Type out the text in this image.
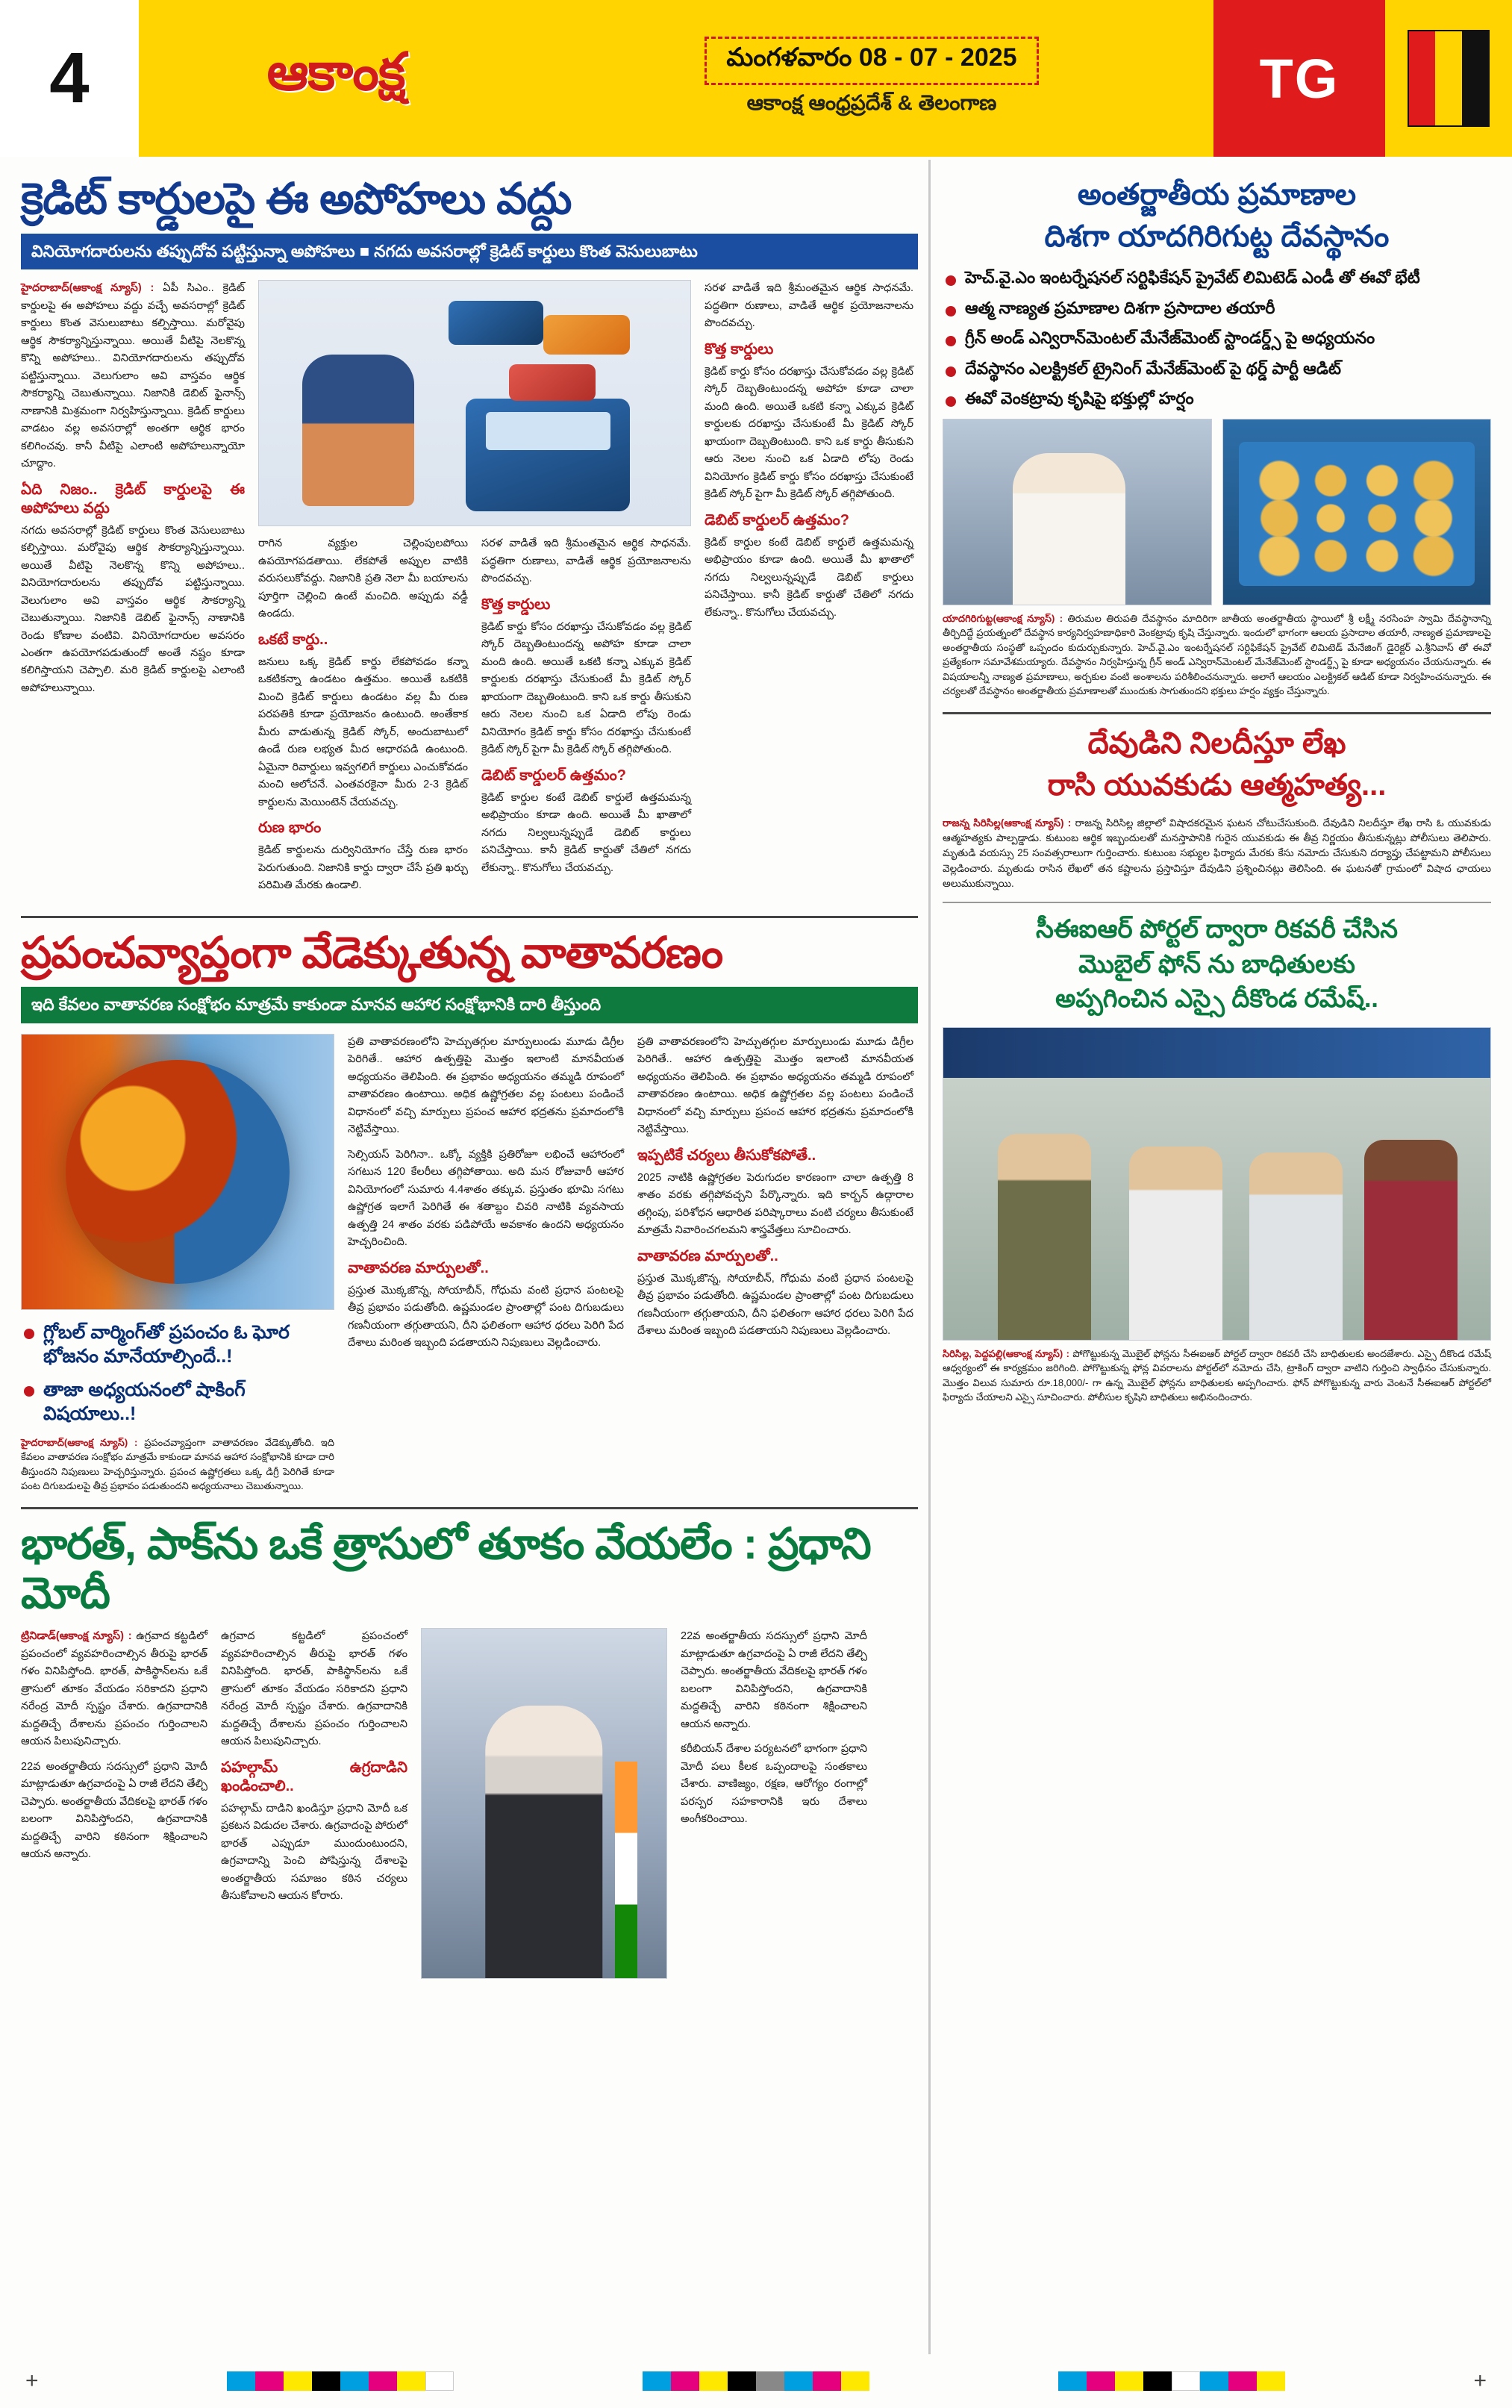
4	ఆకాంక్ష	మంగళవారం 08 - 07 - 2025
ఆకాంక్ష ఆంధ్రప్రదేశ్ & తెలంగాణ	TG
క్రెడిట్ కార్డులపై ఈ అపోహలు వద్దు
వినియోగదారులను తప్పుదోవ పట్టిస్తున్నా అపోహలు ■ నగదు అవసరాల్లో క్రెడిట్ కార్డులు కొంత వెసులుబాటు

హైదరాబాద్(ఆకాంక్ష న్యూస్) : ఏపీ సిఎం.. క్రెడిట్ కార్డులపై ఈ అపోహలు వద్దు వచ్చే అవసరాల్లో క్రెడిట్ కార్డులు కొంత వెసులుబాటు కల్పిస్తాయి. మరోవైపు ఆర్థిక సౌకర్యాన్నిస్తున్నాయి. అయితే వీటిపై నెలకొన్న కొన్ని అపోహలు.. వినియోగదారులను తప్పుదోవ పట్టిస్తున్నాయి. వెలుగులాం అవి వాస్తవం ఆర్థిక సౌకర్యాన్ని చెబుతున్నాయి. నిజానికి డెబిట్ ఫైనాన్స్ నాణానికి మిశ్రమంగా నిర్వహిస్తున్నాయి. క్రెడిట్ కార్డులు వాడటం వల్ల అవసరాల్లో అంతగా ఆర్థిక భారం కలిగించవు. కానీ వీటిపై ఎలాంటి అపోహలున్నాయో చూద్దాం.

ఏది నిజం.. క్రెడిట్ కార్డులపై ఈ అపోహలు వద్దు

నగదు అవసరాల్లో క్రెడిట్ కార్డులు కొంత వెసులుబాటు కల్పిస్తాయి. మరోవైపు ఆర్థిక సౌకర్యాన్నిస్తున్నాయి. అయితే వీటిపై నెలకొన్న కొన్ని అపోహలు.. వినియోగదారులను తప్పుదోవ పట్టిస్తున్నాయి. వెలుగులాం అవి వాస్తవం ఆర్థిక సౌకర్యాన్ని చెబుతున్నాయి. నిజానికి డెబిట్ ఫైనాన్స్ నాణానికి రెండు కోణాల వంటివి. వినియోగదారుల అవసరం ఎంతగా ఉపయోగపడుతుందో అంతే నష్టం కూడా కలిగిస్తాయని చెప్పాలి. మరి క్రెడిట్ కార్డులపై ఎలాంటి అపోహలున్నాయి.

రాగిన వ్యక్తుల చెల్లింపులపోయి ఉపయోగపడతాయి. లేకపోతే అప్పుల వాటికి వరుసలుకోవద్దు. నిజానికి ప్రతి నెలా మీ బయాలను పూర్తిగా చెల్లించి ఉంటే మంచిది. అప్పుడు వడ్డీ ఉండదు.

ఒకటే కార్డు..

జనులు ఒక్క క్రెడిట్ కార్డు లేకపోవడం కన్నా ఒకటికన్నా ఉండటం ఉత్తమం. అయితే ఒకటికి మించి క్రెడిట్ కార్డులు ఉండటం వల్ల మీ రుణ పరపతికి కూడా ప్రయోజనం ఉంటుంది. అంతేకాక మీరు వాడుతున్న క్రెడిట్ స్కోర్, అందుబాటులో ఉండే రుణ లభ్యత మీద ఆధారపడి ఉంటుంది. ఏమైనా రివార్డులు ఇవ్వగలిగే కార్డులు ఎంచుకోవడం మంచి ఆలోచనే. ఎంతవరకైనా మీరు 2-3 క్రెడిట్ కార్డులను మెయింటెన్ చేయవచ్చు.

రుణ భారం

క్రెడిట్ కార్డులను దుర్వినియోగం చేస్తే రుణ భారం పెరుగుతుంది. నిజానికి కార్డు ద్వారా చేసే ప్రతి ఖర్చు పరిమితి మేరకు ఉండాలి.

సరళ వాడితే ఇది శ్రీమంతమైన ఆర్థిక సాధనమే. పద్ధతిగా రుణాలు, వాడితే ఆర్థిక ప్రయోజనాలను పొందవచ్చు.

కొత్త కార్డులు

క్రెడిట్ కార్డు కోసం దరఖాస్తు చేసుకోవడం వల్ల క్రెడిట్ స్కోర్ దెబ్బతింటుందన్న అపోహ కూడా చాలా మంది ఉంది. అయితే ఒకటి కన్నా ఎక్కువ క్రెడిట్ కార్డులకు దరఖాస్తు చేసుకుంటే మీ క్రెడిట్ స్కోర్ ఖాయంగా దెబ్బతింటుంది. కాని ఒక కార్డు తీసుకుని ఆరు నెలల నుంచి ఒక ఏడాది లోపు రెండు వినియోగం క్రెడిట్ కార్డు కోసం దరఖాస్తు చేసుకుంటే క్రెడిట్ స్కోర్ పైగా మీ క్రెడిట్ స్కోర్ తగ్గిపోతుంది.

డెబిట్ కార్డులర్ ఉత్తమం?

క్రెడిట్ కార్డుల కంటే డెబిట్ కార్డులే ఉత్తమమన్న అభిప్రాయం కూడా ఉంది. అయితే మీ ఖాతాలో నగదు నిల్వలున్నప్పుడే డెబిట్ కార్డులు పనిచేస్తాయి. కానీ క్రెడిట్ కార్డుతో చేతిలో నగదు లేకున్నా.. కొనుగోలు చేయవచ్చు.

సరళ వాడితే ఇది శ్రీమంతమైన ఆర్థిక సాధనమే. పద్ధతిగా రుణాలు, వాడితే ఆర్థిక ప్రయోజనాలను పొందవచ్చు.

కొత్త కార్డులు

క్రెడిట్ కార్డు కోసం దరఖాస్తు చేసుకోవడం వల్ల క్రెడిట్ స్కోర్ దెబ్బతింటుందన్న అపోహ కూడా చాలా మంది ఉంది. అయితే ఒకటి కన్నా ఎక్కువ క్రెడిట్ కార్డులకు దరఖాస్తు చేసుకుంటే మీ క్రెడిట్ స్కోర్ ఖాయంగా దెబ్బతింటుంది. కాని ఒక కార్డు తీసుకుని ఆరు నెలల నుంచి ఒక ఏడాది లోపు రెండు వినియోగం క్రెడిట్ కార్డు కోసం దరఖాస్తు చేసుకుంటే క్రెడిట్ స్కోర్ పైగా మీ క్రెడిట్ స్కోర్ తగ్గిపోతుంది.

డెబిట్ కార్డులర్ ఉత్తమం?

క్రెడిట్ కార్డుల కంటే డెబిట్ కార్డులే ఉత్తమమన్న అభిప్రాయం కూడా ఉంది. అయితే మీ ఖాతాలో నగదు నిల్వలున్నప్పుడే డెబిట్ కార్డులు పనిచేస్తాయి. కానీ క్రెడిట్ కార్డుతో చేతిలో నగదు లేకున్నా.. కొనుగోలు చేయవచ్చు.

ప్రపంచవ్యాప్తంగా వేడెక్కుతున్న వాతావరణం
ఇది కేవలం వాతావరణ సంక్షోభం మాత్రమే కాకుండా మానవ ఆహార సంక్షోభానికి దారి తీస్తుంది
గ్లోబల్ వార్మింగ్‌తో ప్రపంచం ఓ ఘోర భోజనం మానేయాల్సిందే..!
తాజా అధ్యయనంలో షాకింగ్ విషయాలు..!
హైదరాబాద్(ఆకాంక్ష న్యూస్) : ప్రపంచవ్యాప్తంగా వాతావరణం వేడెక్కుతోంది. ఇది కేవలం వాతావరణ సంక్షోభం మాత్రమే కాకుండా మానవ ఆహార సంక్షోభానికి కూడా దారి తీస్తుందని నిపుణులు హెచ్చరిస్తున్నారు. ప్రపంచ ఉష్ణోగ్రతలు ఒక్క డిగ్రీ పెరిగితే కూడా పంట దిగుబడులపై తీవ్ర ప్రభావం పడుతుందని అధ్యయనాలు చెబుతున్నాయి.

ప్రతి వాతావరణంలోని హెచ్చుతగ్గుల మార్పులుండు మూడు డిగ్రీల పెరిగితే.. ఆహార ఉత్పత్తిపై మొత్తం ఇలాంటి మానవీయత అధ్యయనం తెలిపింది. ఈ ప్రభావం అధ్యయనం తమ్మడి రూపంలో వాతావరణం ఉంటాయి. అధిక ఉష్ణోగ్రతల వల్ల పంటలు పండించే విధానంలో వచ్చి మార్పులు ప్రపంచ ఆహార భద్రతను ప్రమాదంలోకి నెట్టివేస్తాయి.

సెల్సియస్ పెరిగినా.. ఒక్కో వ్యక్తికి ప్రతిరోజూ లభించే ఆహారంలో సగటున 120 కేలరీలు తగ్గిపోతాయి. అది మన రోజువారీ ఆహార వినియోగంలో సుమారు 4.4శాతం తక్కువ. ప్రస్తుతం భూమి సగటు ఉష్ణోగ్రత ఇలాగే పెరిగితే ఈ శతాబ్దం చివరి నాటికి వ్యవసాయ ఉత్పత్తి 24 శాతం వరకు పడిపోయే అవకాశం ఉందని అధ్యయనం హెచ్చరించింది.

వాతావరణ మార్పులతో..

ప్రస్తుత మొక్కజొన్న, సోయాబీన్, గోధుమ వంటి ప్రధాన పంటలపై తీవ్ర ప్రభావం పడుతోంది. ఉష్ణమండల ప్రాంతాల్లో పంట దిగుబడులు గణనీయంగా తగ్గుతాయని, దీని ఫలితంగా ఆహార ధరలు పెరిగి పేద దేశాలు మరింత ఇబ్బంది పడతాయని నిపుణులు వెల్లడించారు.

ప్రతి వాతావరణంలోని హెచ్చుతగ్గుల మార్పులుండు మూడు డిగ్రీల పెరిగితే.. ఆహార ఉత్పత్తిపై మొత్తం ఇలాంటి మానవీయత అధ్యయనం తెలిపింది. ఈ ప్రభావం అధ్యయనం తమ్మడి రూపంలో వాతావరణం ఉంటాయి. అధిక ఉష్ణోగ్రతల వల్ల పంటలు పండించే విధానంలో వచ్చి మార్పులు ప్రపంచ ఆహార భద్రతను ప్రమాదంలోకి నెట్టివేస్తాయి.

ఇప్పటికే చర్యలు తీసుకోకపోతే..

2025 నాటికి ఉష్ణోగ్రతల పెరుగుదల కారణంగా చాలా ఉత్పత్తి 8 శాతం వరకు తగ్గిపోవచ్చని పేర్కొన్నారు. ఇది కార్బన్ ఉద్గారాల తగ్గింపు, పరిశోధన ఆధారిత పరిష్కారాలు వంటి చర్యలు తీసుకుంటే మాత్రమే నివారించగలమని శాస్త్రవేత్తలు సూచించారు.

వాతావరణ మార్పులతో..

ప్రస్తుత మొక్కజొన్న, సోయాబీన్, గోధుమ వంటి ప్రధాన పంటలపై తీవ్ర ప్రభావం పడుతోంది. ఉష్ణమండల ప్రాంతాల్లో పంట దిగుబడులు గణనీయంగా తగ్గుతాయని, దీని ఫలితంగా ఆహార ధరలు పెరిగి పేద దేశాలు మరింత ఇబ్బంది పడతాయని నిపుణులు వెల్లడించారు.

భారత్, పాక్‌ను ఒకే త్రాసులో తూకం వేయలేం : ప్రధాని మోదీ

ట్రినిడాడ్(ఆకాంక్ష న్యూస్) : ఉగ్రవాద కట్టడిలో ప్రపంచంలో వ్యవహరించాల్సిన తీరుపై భారత్ గళం వినిపిస్తోంది. భారత్, పాకిస్థాన్‌లను ఒకే త్రాసులో తూకం వేయడం సరికాదని ప్రధాని నరేంద్ర మోదీ స్పష్టం చేశారు. ఉగ్రవాదానికి మద్దతిచ్చే దేశాలను ప్రపంచం గుర్తించాలని ఆయన పిలుపునిచ్చారు.

22వ అంతర్జాతీయ సదస్సులో ప్రధాని మోదీ మాట్లాడుతూ ఉగ్రవాదంపై ఏ రాజీ లేదని తేల్చి చెప్పారు. అంతర్జాతీయ వేదికలపై భారత్ గళం బలంగా వినిపిస్తోందని, ఉగ్రవాదానికి మద్దతిచ్చే వారిని కఠినంగా శిక్షించాలని ఆయన అన్నారు.

ఉగ్రవాద కట్టడిలో ప్రపంచంలో వ్యవహరించాల్సిన తీరుపై భారత్ గళం వినిపిస్తోంది. భారత్, పాకిస్థాన్‌లను ఒకే త్రాసులో తూకం వేయడం సరికాదని ప్రధాని నరేంద్ర మోదీ స్పష్టం చేశారు. ఉగ్రవాదానికి మద్దతిచ్చే దేశాలను ప్రపంచం గుర్తించాలని ఆయన పిలుపునిచ్చారు.

పహల్గామ్ ఉగ్రదాడిని ఖండించాలి..

పహల్గామ్ దాడిని ఖండిస్తూ ప్రధాని మోదీ ఒక ప్రకటన విడుదల చేశారు. ఉగ్రవాదంపై పోరులో భారత్ ఎప్పుడూ ముందుంటుందని, ఉగ్రవాదాన్ని పెంచి పోషిస్తున్న దేశాలపై అంతర్జాతీయ సమాజం కఠిన చర్యలు తీసుకోవాలని ఆయన కోరారు.

22వ అంతర్జాతీయ సదస్సులో ప్రధాని మోదీ మాట్లాడుతూ ఉగ్రవాదంపై ఏ రాజీ లేదని తేల్చి చెప్పారు. అంతర్జాతీయ వేదికలపై భారత్ గళం బలంగా వినిపిస్తోందని, ఉగ్రవాదానికి మద్దతిచ్చే వారిని కఠినంగా శిక్షించాలని ఆయన అన్నారు.

కరీబియన్ దేశాల పర్యటనలో భాగంగా ప్రధాని మోదీ పలు కీలక ఒప్పందాలపై సంతకాలు చేశారు. వాణిజ్యం, రక్షణ, ఆరోగ్యం రంగాల్లో పరస్పర సహకారానికి ఇరు దేశాలు అంగీకరించాయి.

అంతర్జాతీయ ప్రమాణాల
దిశగా యాదగిరిగుట్ట దేవస్థానం
హెచ్.వై.ఎం ఇంటర్నేషనల్ సర్టిఫికేషన్ ప్రైవేట్ లిమిటెడ్ ఎండీ తో ఈవో భేటీ
ఆత్మ నాణ్యత ప్రమాణాల దిశగా ప్రసాదాల తయారీ
గ్రీన్ అండ్ ఎన్విరాన్‌మెంటల్ మేనేజ్‌మెంట్ స్టాండర్డ్స్ పై అధ్యయనం
దేవస్థానం ఎలక్ట్రికల్ ట్రైనింగ్ మేనేజ్‌మెంట్ పై థర్డ్ పార్టీ ఆడిట్
ఈవో వెంకట్రావు కృషిపై భక్తుల్లో హర్షం
యాదగిరిగుట్ట(ఆకాంక్ష న్యూస్) : తిరుమల తిరుపతి దేవస్థానం మాదిరిగా జాతీయ అంతర్జాతీయ స్థాయిలో శ్రీ లక్ష్మీ నరసింహ స్వామి దేవస్థానాన్ని తీర్చిదిద్దే ప్రయత్నంలో దేవస్థాన కార్యనిర్వహణాధికారి వెంకట్రావు కృషి చేస్తున్నారు. ఇందులో భాగంగా ఆలయ ప్రసాదాల తయారీ, నాణ్యత ప్రమాణాలపై అంతర్జాతీయ సంస్థతో ఒప్పందం కుదుర్చుకున్నారు. హెచ్.వై.ఎం ఇంటర్నేషనల్ సర్టిఫికేషన్ ప్రైవేట్ లిమిటెడ్ మేనేజింగ్ డైరెక్టర్ ఎ.శ్రీనివాస్ తో ఈవో ప్రత్యేకంగా సమావేశమయ్యారు. దేవస్థానం నిర్వహిస్తున్న గ్రీన్ అండ్ ఎన్విరాన్‌మెంటల్ మేనేజ్‌మెంట్ స్టాండర్డ్స్ పై కూడా అధ్యయనం చేయనున్నారు. ఈ విషయాలన్నీ నాణ్యత ప్రమాణాలు, అర్చకుల వంటి అంశాలను పరిశీలించనున్నారు. అలాగే ఆలయం ఎలక్ట్రికల్ ఆడిట్ కూడా నిర్వహించనున్నారు. ఈ చర్యలతో దేవస్థానం అంతర్జాతీయ ప్రమాణాలతో ముందుకు సాగుతుందని భక్తులు హర్షం వ్యక్తం చేస్తున్నారు.
దేవుడిని నిలదీస్తూ లేఖ
రాసి యువకుడు ఆత్మహత్య...
రాజన్న సిరిసిల్ల(ఆకాంక్ష న్యూస్) : రాజన్న సిరిసిల్ల జిల్లాలో విషాదకరమైన ఘటన చోటుచేసుకుంది. దేవుడిని నిలదీస్తూ లేఖ రాసి ఓ యువకుడు ఆత్మహత్యకు పాల్పడ్డాడు. కుటుంబ ఆర్థిక ఇబ్బందులతో మనస్తాపానికి గురైన యువకుడు ఈ తీవ్ర నిర్ణయం తీసుకున్నట్లు పోలీసులు తెలిపారు. మృతుడి వయస్సు 25 సంవత్సరాలుగా గుర్తించారు. కుటుంబ సభ్యుల ఫిర్యాదు మేరకు కేసు నమోదు చేసుకుని దర్యాప్తు చేపట్టామని పోలీసులు వెల్లడించారు. మృతుడు రాసిన లేఖలో తన కష్టాలను ప్రస్తావిస్తూ దేవుడిని ప్రశ్నించినట్లు తెలిసింది. ఈ ఘటనతో గ్రామంలో విషాద ఛాయలు అలుముకున్నాయి.
సీఈఐఆర్ పోర్టల్ ద్వారా రికవరీ చేసిన
మొబైల్ ఫోన్ ను బాధితులకు
అప్పగించిన ఎస్సై దీకొండ రమేష్..
సిరిసిల్ల, పెద్దపల్లి(ఆకాంక్ష న్యూస్) : పోగొట్టుకున్న మొబైల్ ఫోన్లను సీఈఐఆర్ పోర్టల్ ద్వారా రికవరీ చేసి బాధితులకు అందజేశారు. ఎస్సై దీకొండ రమేష్ ఆధ్వర్యంలో ఈ కార్యక్రమం జరిగింది. పోగొట్టుకున్న ఫోన్ల వివరాలను పోర్టల్‌లో నమోదు చేసి, ట్రాకింగ్ ద్వారా వాటిని గుర్తించి స్వాధీనం చేసుకున్నారు. మొత్తం విలువ సుమారు రూ.18,000/- గా ఉన్న మొబైల్ ఫోన్లను బాధితులకు అప్పగించారు. ఫోన్ పోగొట్టుకున్న వారు వెంటనే సీఈఐఆర్ పోర్టల్‌లో ఫిర్యాదు చేయాలని ఎస్సై సూచించారు. పోలీసుల కృషిని బాధితులు అభినందించారు.
+	+
